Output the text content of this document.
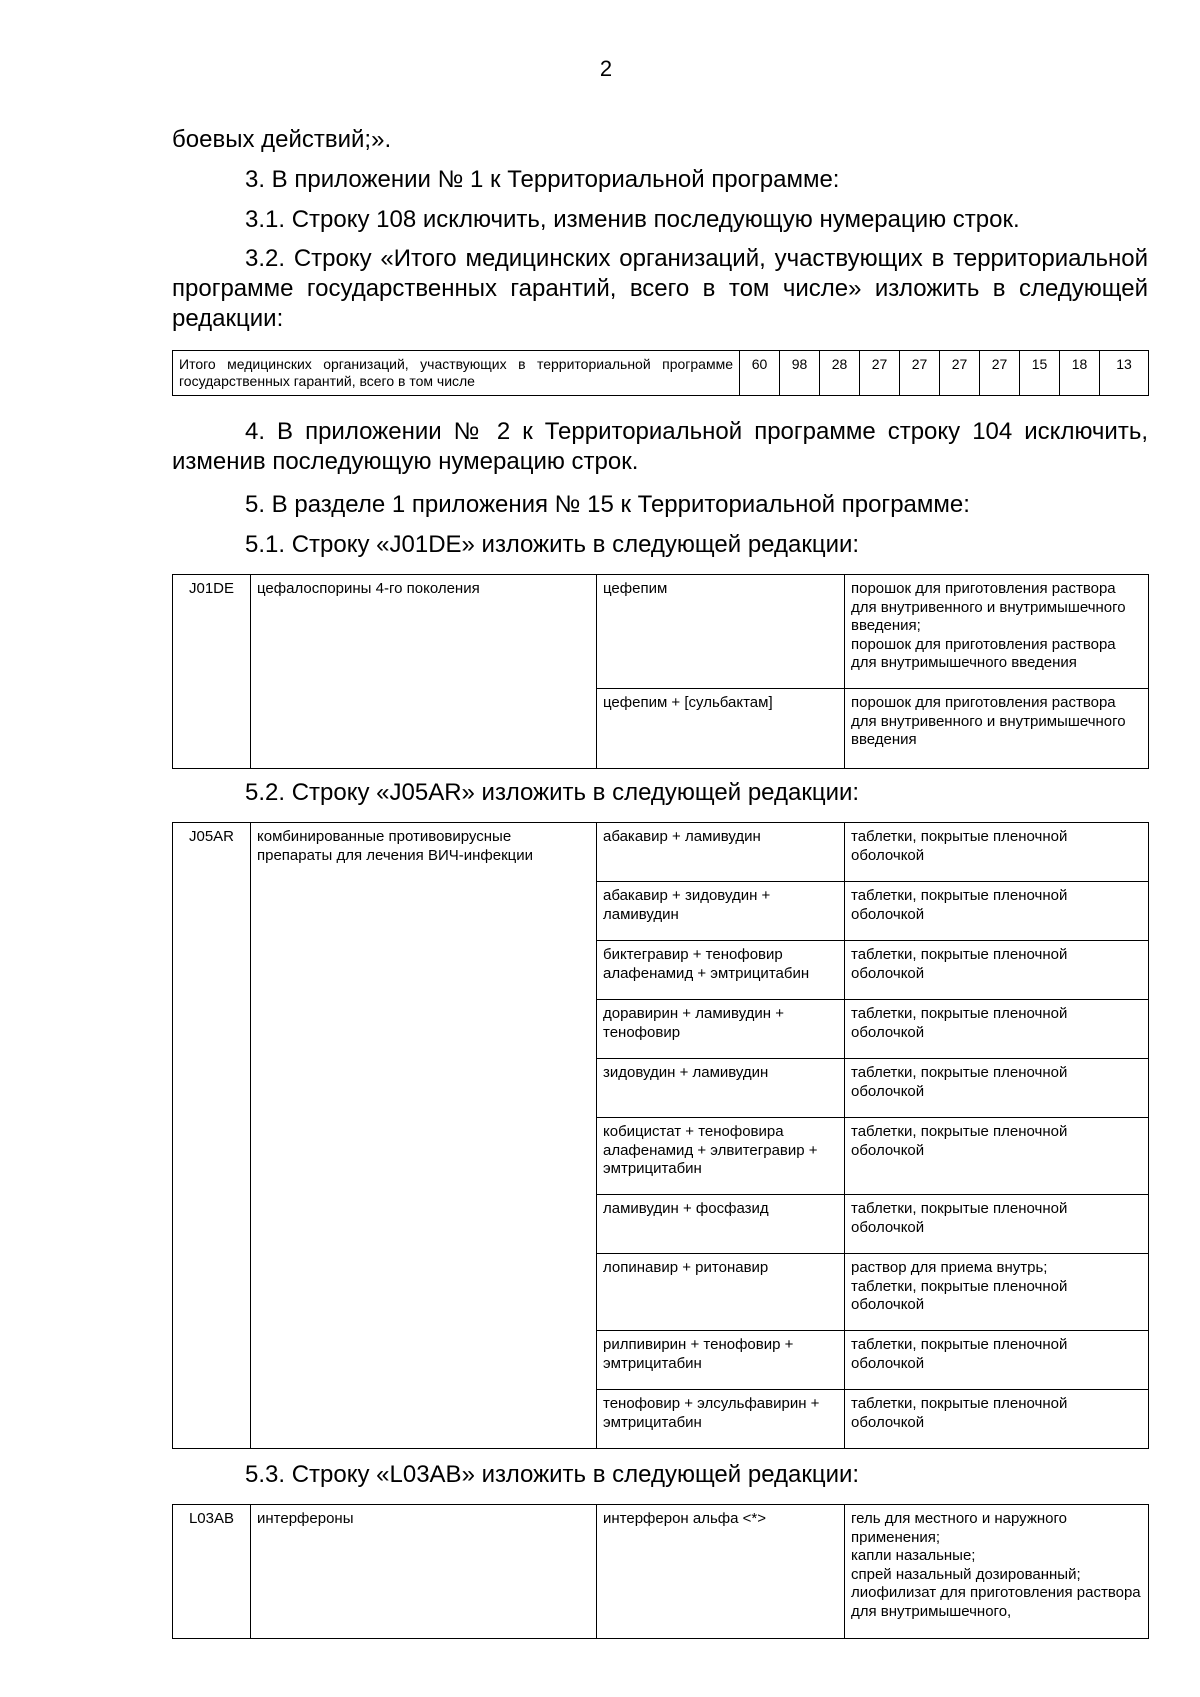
2

боевых действий;».

3. В приложении № 1 к Территориальной программе:

3.1. Строку 108 исключить, изменив последующую нумерацию строк.

3.2. Строку «Итого медицинских организаций, участвующих в территориальной программе государственных гарантий, всего в том числе» изложить в следующей редакции:

Итого медицинских организаций, участвующих в территориальной программе государственных гарантий, всего в том числе	60	98	28	27	27	27	27	15	18	13

4. В приложении № 2 к Территориальной программе строку 104 исключить, изменив последующую нумерацию строк.

5. В разделе 1 приложения № 15 к Территориальной программе:

5.1. Строку «J01DE» изложить в следующей редакции:

J01DE	цефалоспорины 4-го поколения	цефепим	порошок для приготовления раствора для внутривенного и внутримышечного введения;
порошок для приготовления раствора для внутримышечного введения
		цефепим + [сульбактам]	порошок для приготовления раствора для внутривенного и внутримышечного введения

5.2. Строку «J05AR» изложить в следующей редакции:

J05AR	комбинированные противовирусные препараты для лечения ВИЧ-инфекции	абакавир + ламивудин	таблетки, покрытые пленочной оболочкой
		абакавир + зидовудин + ламивудин	таблетки, покрытые пленочной оболочкой
		биктегравир + тенофовир алафенамид + эмтрицитабин	таблетки, покрытые пленочной оболочкой
		доравирин + ламивудин + тенофовир	таблетки, покрытые пленочной оболочкой
		зидовудин + ламивудин	таблетки, покрытые пленочной оболочкой
		кобицистат + тенофовира алафенамид + элвитегравир + эмтрицитабин	таблетки, покрытые пленочной оболочкой
		ламивудин + фосфазид	таблетки, покрытые пленочной оболочкой
		лопинавир + ритонавир	раствор для приема внутрь;
таблетки, покрытые пленочной оболочкой
		рилпивирин + тенофовир + эмтрицитабин	таблетки, покрытые пленочной оболочкой
		тенофовир + элсульфавирин + эмтрицитабин	таблетки, покрытые пленочной оболочкой

5.3. Строку «L03AB» изложить в следующей редакции:

L03AB	интерфероны	интерферон альфа <*>	гель для местного и наружного применения;
капли назальные;
спрей назальный дозированный;
лиофилизат для приготовления раствора для внутримышечного,
